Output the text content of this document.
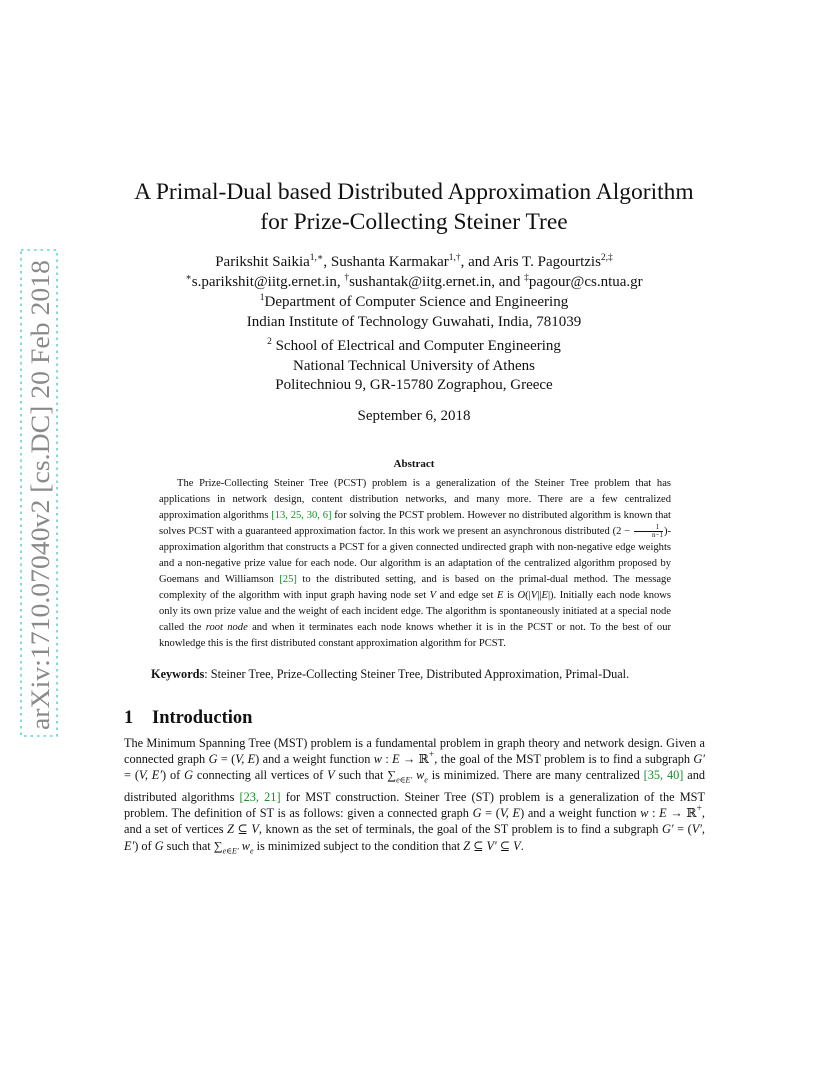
arXiv:1710.07040v2 [cs.DC] 20 Feb 2018
A Primal-Dual based Distributed Approximation Algorithm
for Prize-Collecting Steiner Tree
Parikshit Saikia$^{1,∗}$, Sushanta Karmakar$^{1,\dagger}$, and Aris T. Pagourtzis$^{2,\ddagger}$
∗s.parikshit@iitg.ernet.in, †sushantak@iitg.ernet.in, and ‡pagour@cs.ntua.gr
$^1$Department of Computer Science and Engineering
Indian Institute of Technology Guwahati, India, 781039
$^2$ School of Electrical and Computer Engineering
National Technical University of Athens
Politechniou 9, GR-15780 Zographou, Greece
September 6, 2018
Abstract

The Prize-Collecting Steiner Tree (PCST) problem is a generalization of the Steiner Tree problem that has applications in network design, content distribution networks, and many more. There are a few centralized approximation algorithms [13, 25, 30, 6] for solving the PCST problem. However no distributed algorithm is known that solves PCST with a guaranteed approximation factor. In this work we present an asynchronous distributed ($2 - \frac{1}{n-1}$ )-approximation algorithm that constructs a PCST for a given connected undirected graph with non-negative edge weights and a non-negative prize value for each node. Our algorithm is an adaptation of the centralized algorithm proposed by Goemans and Williamson [25] to the distributed setting, and is based on the primal-dual method. The message complexity of the algorithm with input graph having node set V and edge set E is O(|V||E|). Initially each node knows only its own prize value and the weight of each incident edge. The algorithm is spontaneously initiated at a special node called the root node and when it terminates each node knows whether it is in the PCST or not. To the best of our knowledge this is the first distributed constant approximation algorithm for PCST.

Keywords: Steiner Tree, Prize-Collecting Steiner Tree, Distributed Approximation, Primal-Dual.
1 Introduction

The Minimum Spanning Tree (MST) problem is a fundamental problem in graph theory and network design. Given a connected graph G = (V, E) and a weight function w : E → ℝ+, the goal of the MST problem is to find a subgraph G′ = (V, E′) of G connecting all vertices of V such that $\sum_{e\in E'}$ $w_e$ is minimized. There are many centralized [35, 40] and distributed algorithms [23, 21] for MST construction. Steiner Tree (ST) problem is a generalization of the MST problem. The definition of ST is as follows: given a connected graph G = (V, E) and a weight function w : E → ℝ+, and a set of vertices Z ⊆ V, known as the set of terminals, the goal of the ST problem is to find a subgraph G′ = (V′, E′) of G such that $\sum_{e\in E'}$ $w_e$ is minimized subject to the condition that Z ⊆ V′ ⊆ V.
